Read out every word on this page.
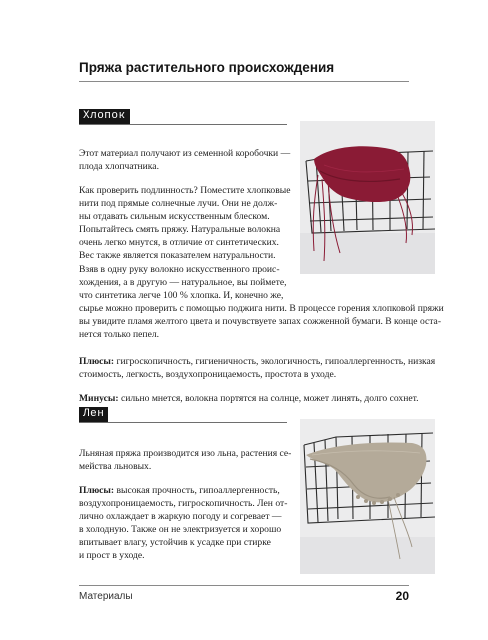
Пряжа растительного происхождения
Хлопок
Этот материал получают из семенной коробочки —
плода хлопчатника.
Как проверить подлинность? Поместите хлопковые
нити под прямые солнечные лучи. Они не долж-
ны отдавать сильным искусственным блеском.
Попытайтесь смять пряжу. Натуральные волокна
очень легко мнутся, в отличие от синтетических.
Вес также является показателем натуральности.
Взяв в одну руку волокно искусственного проис-
хождения, а в другую — натуральное, вы поймете,
что синтетика легче 100 % хлопка. И, конечно же,
сырье можно проверить с помощью поджига нити. В процессе горения хлопковой пряжи
вы увидите пламя желтого цвета и почувствуете запах сожженной бумаги. В конце оста-
нется только пепел.
Плюсы: гигроскопичность, гигиеничность, экологичность, гипоаллергенность, низкая
стоимость, легкость, воздухопроницаемость, простота в уходе.
Минусы: сильно мнется, волокна портятся на солнце, может линять, долго сохнет.
Лен
Льняная пряжа производится изо льна, растения се-
мейства льновых.
Плюсы: высокая прочность, гипоаллергенность,
воздухопроницаемость, гигроскопичность. Лен от-
лично охлаждает в жаркую погоду и согревает —
в холодную. Также он не электризуется и хорошо
впитывает влагу, устойчив к усадке при стирке
и прост в уходе.
Материалы	20
